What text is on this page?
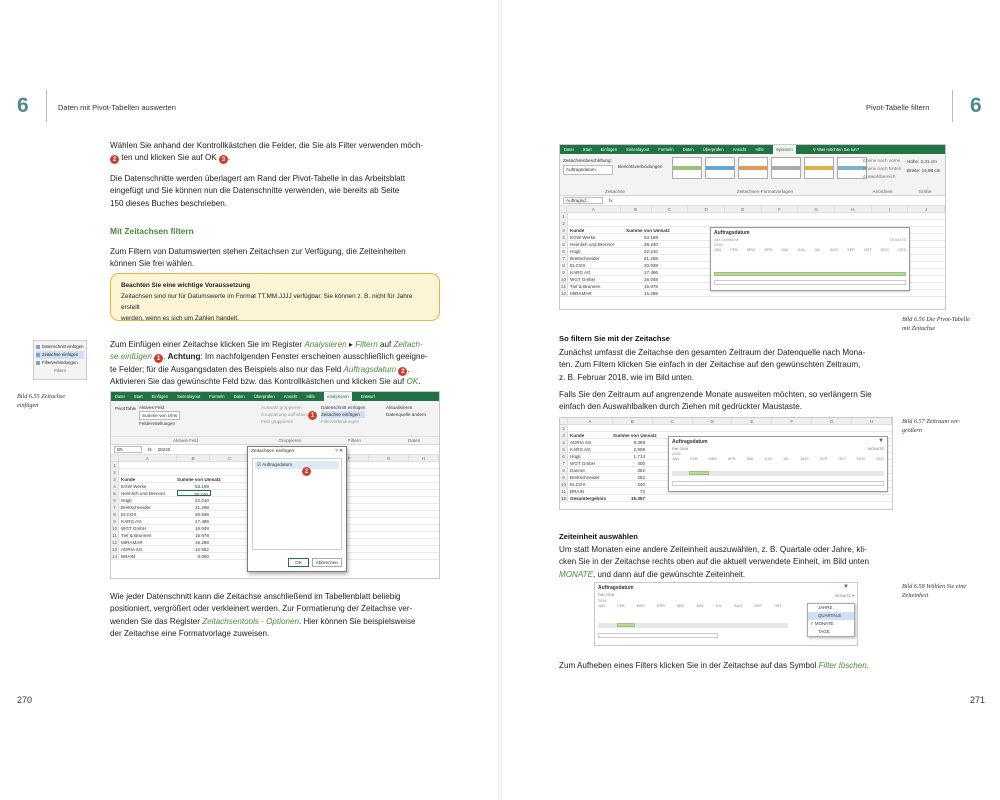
6	Daten mit Pivot-Tabellen auswerten
Wählen Sie anhand der Kontrollkästchen die Felder, die Sie als Filter verwenden möch-
2 ten und klicken Sie auf OK 3 .
Die Datenschnitte werden überlagert am Rand der Pivot-Tabelle in das Arbeitsblatt
eingefügt und Sie können nun die Datenschnitte verwenden, wie bereits ab Seite
150 dieses Buches beschrieben.
Mit Zeitachsen filtern
Zum Filtern von Datumswerten stehen Zeitachsen zur Verfügung, die Zeiteinheiten
können Sie frei wählen.
Beachten Sie eine wichtige Voraussetzung
Zeitachsen sind nur für Datumswerte im Format TT.MM.JJJJ verfügbar. Sie können z. B. nicht für Jahre erstellt
werden, wenn es sich um Zahlen handelt.
Datenschnitt einfügen
Zeitachse einfügen
Filterverbindungen
Filtern
Bild 6.55 Zeitachse
einfügen
Zum Einfügen einer Zeitachse klicken Sie im Register Analysieren ▸ Filtern auf Zeitach-
se einfügen 1 . Achtung: Im nachfolgenden Fenster erscheinen ausschließlich geeigne-
te Felder; für die Ausgangsdaten des Beispiels also nur das Feld Auftragsdatum 2 .
Aktivieren Sie das gewünschte Feld bzw. das Kontrollkästchen und klicken Sie auf OK.
Datei Start Einfügen Seitenlayout Formeln Daten Überprüfen Ansicht Hilfe	Analysieren	Entwurf
PivotTable Aktives Feld
Summe von Ums
Feldeinstellungen
Auswahl gruppieren
Gruppierung aufheben
Feld gruppieren
Datenschnitt einfügen
Zeitachse einfügen
Filterverbindungen
1
Aktualisieren
Datenquelle ändern
Aktives Feld	Gruppieren	Filtern	Daten
B5	fx 28240
A	B	C	F	G	H
1
2
3	Kunde	Summe von Umsatz
4	EGW Werke	53.169
5	Heimlich und Brenner	28.240
6	Hügli	22.210
7	Brettschneider	21.268
8	ELCOX	20.938
9	KARG AG	17.486
10 WGT GmbH	16.048
11 Tief & Brunnen	15.978
12 MIRAMAR	15.288
13 ADRIA AG	12.552
14 BRAIN	6.080
Zeitachsen einfügen	? ✕
☑ Auftragsdatum
2
OK	Abbrechen
Wie jeder Datenschnitt kann die Zeitachse anschließend im Tabellenblatt beliebig
positioniert, vergrößert oder verkleinert werden. Zur Formatierung der Zeitachse ver-
wenden Sie das Register Zeitachsentools - Optionen. Hier können Sie beispielsweise
der Zeitachse eine Formatvorlage zuweisen.
270
Pivot-Tabelle filtern 6
Datei Start Einfügen Seitenlayout Formeln Daten Überprüfen Ansicht Hilfe	Optionen	⚲ Was möchten Sie tun?
Zeitachsenbeschriftung:
Auftragsdatum
Berichtsverbindungen
Ebene nach vorne
Ebene nach hinten
Auswahlbereich
Höhe: 2,31 cm
Breite: 14,98 cm
Zeitachse	Zeitachsen-Formatvorlagen	Anordnen	Größe
Auftragsd...	fx
A	B	C	D	E	F	G	H	I	J
1
2
3	Kunde	Summe von Umsatz
4	EGW Werke	53.169
5	Heimlich und Brenner	28.240
6	Hügli	22.210
7	Brettschneider	21.268
8	ELCOX	20.938
9	KARG AG	17.486
10 WGT GmbH	16.048
11 Tief & Brunnen	15.978
12 MIRAMAR	15.288
Auftragsdatum
Alle Zeiträume	MONATE
2018
JAN FEB MRZ APR MAI JUN JUL AUG SEP OKT NOV DEZ
Bild 6.56 Die Pivot-Tabelle
mit Zeitachse
So filtern Sie mit der Zeitachse
Zunächst umfasst die Zeitachse den gesamten Zeitraum der Datenquelle nach Mona-
ten. Zum Filtern klicken Sie einfach in der Zeitachse auf den gewünschten Zeitraum,
z. B. Februar 2018, wie im Bild unten.
Falls Sie den Zeitraum auf angrenzende Monate ausweiten möchten, so verlängern Sie
einfach den Auswahlbalken durch Ziehen mit gedrückter Maustaste.
A	B	C	D	E	F	G	H
2
3	Kunde	Summe von Umsatz
4	ADRIA AG	9.369
5	KARG AG	2.908
6	Hügli	1.714
7	WGT GmbH	400
8	Danner	362
9	Brettschneider	252
10 ELCOX	240
11 BRAIN	72
12 Gesamtergebnis	15.357
Auftragsdatum	▼
Feb 2018	MONATE
2018
JAN	FEB	MRZ	APR	MAI	JUN	JUL	AUG	SEP	OKT	NOV	DEZ
Bild 6.57 Zeitraum ver-
größern
Zeiteinheit auswählen
Um statt Monaten eine andere Zeiteinheit auszuwählen, z. B. Quartale oder Jahre, kli-
cken Sie in der Zeitachse rechts oben auf die aktuell verwendete Einheit, im Bild unten
MONATE, und dann auf die gewünschte Zeiteinheit.
Auftragsdatum	▼
Feb 2018	MONATE ▾
2018
JAN	FEB	MRZ	APR	MAI	JUN	JUL	AUG	SEP	OKT	JAHRE
QUARTALE
✓ MONATE
TAGE
Bild 6.58 Wählen Sie eine
Zeiteinheit
Zum Aufheben eines Filters klicken Sie in der Zeitachse auf das Symbol Filter löschen.
271
